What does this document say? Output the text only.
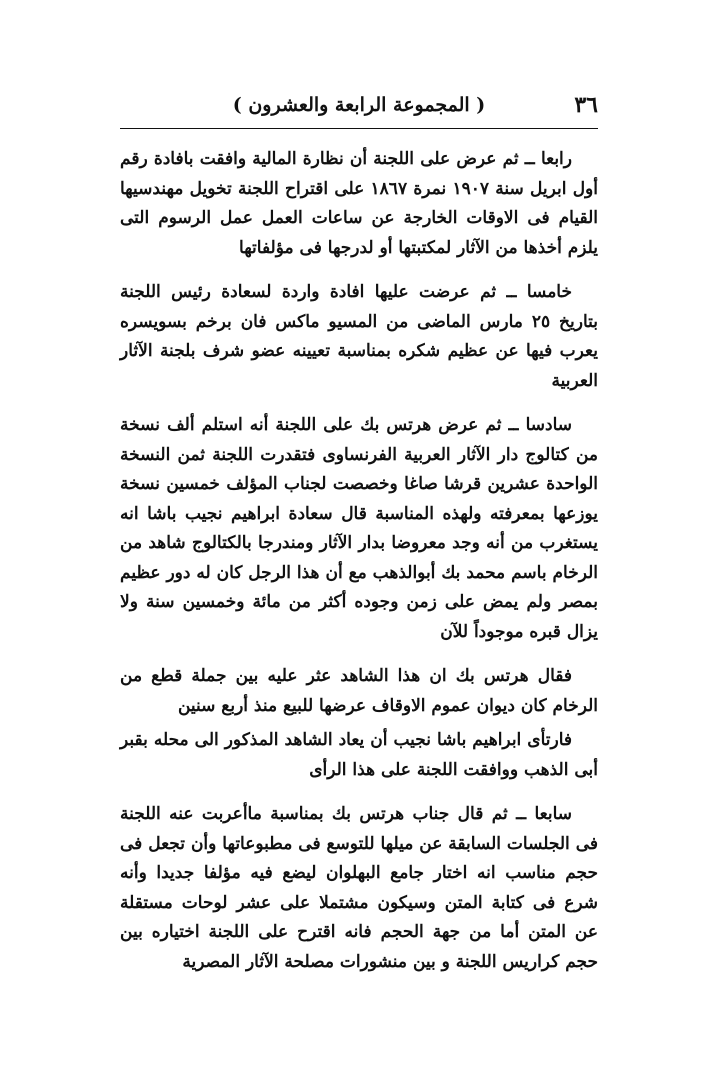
٣٦
( المجموعة الرابعة والعشرون )

رابعا ــ ثم عرض على اللجنة أن نظارة المالية وافقت بافادة رقم أول ابريل سنة ١٩٠٧ نمرة ١٨٦٧ على اقتراح اللجنة تخويل مهندسيها القيام فى الاوقات الخارجة عن ساعات العمل عمل الرسوم التى يلزم أخذها من الآثار لمكتبتها أو لدرجها فى مؤلفاتها

خامسا ــ ثم عرضت عليها افادة واردة لسعادة رئيس اللجنة بتاريخ ٢٥ مارس الماضى من المسيو ماكس فان برخم بسويسره يعرب فيها عن عظيم شكره بمناسبة تعيينه عضو شرف بلجنة الآثار العربية

سادسا ــ ثم عرض هرتس بك على اللجنة أنه استلم ألف نسخة من كتالوج دار الآثار العربية الفرنساوى فتقدرت اللجنة ثمن النسخة الواحدة عشرين قرشا صاغا وخصصت لجناب المؤلف خمسين نسخة يوزعها بمعرفته ولهذه المناسبة قال سعادة ابراهيم نجيب باشا انه يستغرب من أنه وجد معروضا بدار الآثار ومندرجا بالكتالوج شاهد من الرخام باسم محمد بك أبوالذهب مع أن هذا الرجل كان له دور عظيم بمصر ولم يمض على زمن وجوده أكثر من مائة وخمسين سنة ولا يزال قبره موجوداً للآن

فقال هرتس بك ان هذا الشاهد عثر عليه بين جملة قطع من الرخام كان ديوان عموم الاوقاف عرضها للبيع منذ أربع سنين

فارتأى ابراهيم باشا نجيب أن يعاد الشاهد المذكور الى محله بقبر أبى الذهب ووافقت اللجنة على هذا الرأى

سابعا ــ ثم قال جناب هرتس بك بمناسبة ماأعربت عنه اللجنة فى الجلسات السابقة عن ميلها للتوسع فى مطبوعاتها وأن تجعل فى حجم مناسب انه اختار جامع البهلوان ليضع فيه مؤلفا جديدا وأنه شرع فى كتابة المتن وسيكون مشتملا على عشر لوحات مستقلة عن المتن أما من جهة الحجم فانه اقترح على اللجنة اختياره بين حجم كراريس اللجنة و بين منشورات مصلحة الآثار المصرية
